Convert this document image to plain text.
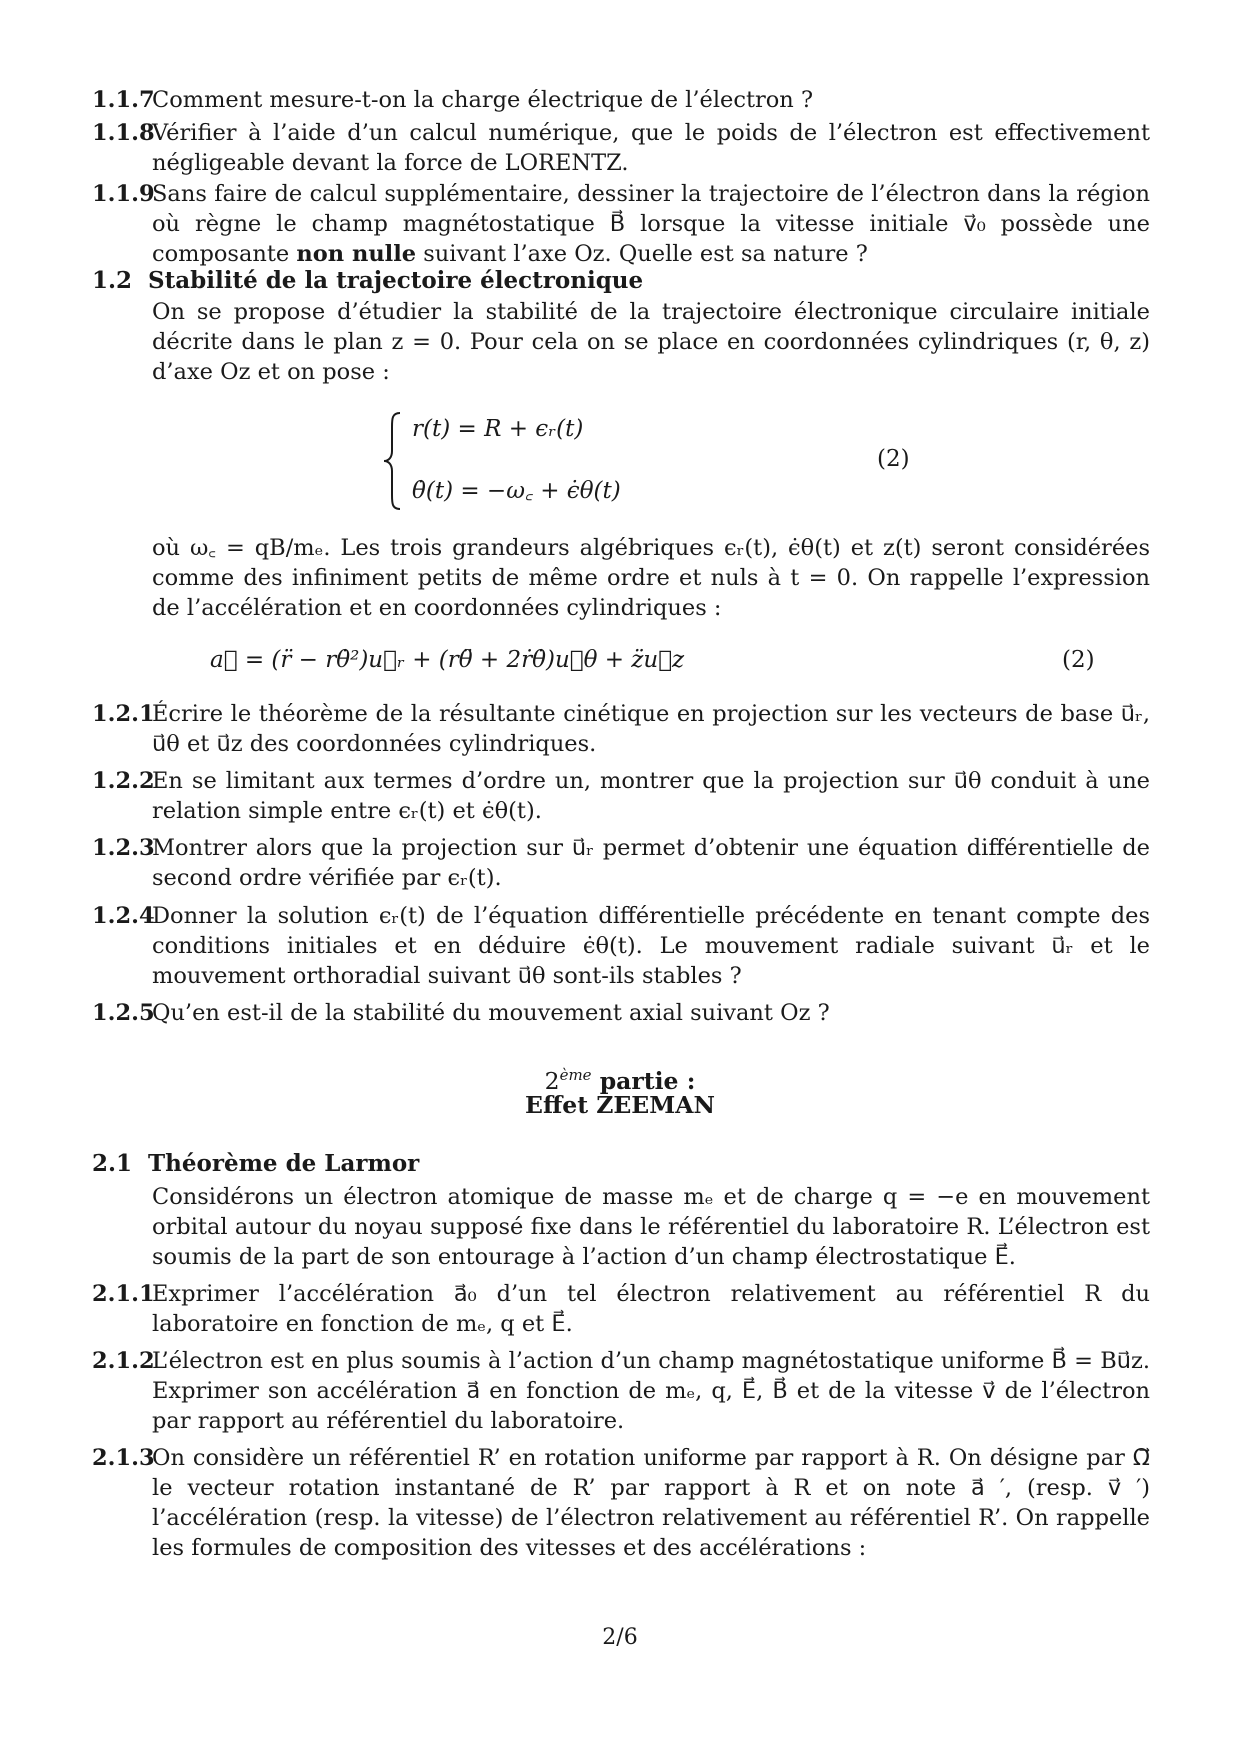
1.1.7
Comment mesure-t-on la charge électrique de l’électron ?
1.1.8
Vérifier à l’aide d’un calcul numérique, que le poids de l’électron est effectivement négligeable devant la force de LORENTZ.
1.1.9
Sans faire de calcul supplémentaire, dessiner la trajectoire de l’électron dans la région où règne le champ magnétostatique B⃗ lorsque la vitesse initiale v⃗₀ possède une composante non nulle suivant l’axe Oz. Quelle est sa nature ?
1.2 Stabilité de la trajectoire électronique
On se propose d’étudier la stabilité de la trajectoire électronique circulaire initiale décrite dans le plan z = 0. Pour cela on se place en coordonnées cylindriques (r, θ, z) d’axe Oz et on pose :
r(t) = R + ϵᵣ(t)
θ̇(t) = −ω꜀ + ϵ̇θ(t)
(2)
où ω꜀ = qB/mₑ. Les trois grandeurs algébriques ϵᵣ(t), ϵ̇θ(t) et z(t) seront considérées comme des infiniment petits de même ordre et nuls à t = 0. On rappelle l’expression de l’accélération et en coordonnées cylindriques :
a⃗ = (r̈ − rθ̇²)u⃗ᵣ + (rθ̈ + 2ṙθ̇)u⃗θ + z̈u⃗z	(2)
1.2.1
Écrire le théorème de la résultante cinétique en projection sur les vecteurs de base u⃗ᵣ, u⃗θ et u⃗z des coordonnées cylindriques.
1.2.2
En se limitant aux termes d’ordre un, montrer que la projection sur u⃗θ conduit à une relation simple entre ϵᵣ(t) et ϵ̇θ(t).
1.2.3
Montrer alors que la projection sur u⃗ᵣ permet d’obtenir une équation différentielle de second ordre vérifiée par ϵᵣ(t).
1.2.4
Donner la solution ϵᵣ(t) de l’équation différentielle précédente en tenant compte des conditions initiales et en déduire ϵ̇θ(t). Le mouvement radiale suivant u⃗ᵣ et le mouvement orthoradial suivant u⃗θ sont-ils stables ?
1.2.5
Qu’en est-il de la stabilité du mouvement axial suivant Oz ?
2ème partie :
Effet ZEEMAN
2.1 Théorème de Larmor
Considérons un électron atomique de masse mₑ et de charge q = −e en mouvement orbital autour du noyau supposé fixe dans le référentiel du laboratoire R. L’électron est soumis de la part de son entourage à l’action d’un champ électrostatique E⃗.
2.1.1
Exprimer l’accélération a⃗₀ d’un tel électron relativement au référentiel R du laboratoire en fonction de mₑ, q et E⃗.
2.1.2
L’électron est en plus soumis à l’action d’un champ magnétostatique uniforme B⃗ = Bu⃗z. Exprimer son accélération a⃗ en fonction de mₑ, q, E⃗, B⃗ et de la vitesse v⃗ de l’électron par rapport au référentiel du laboratoire.
2.1.3
On considère un référentiel R’ en rotation uniforme par rapport à R. On désigne par Ω⃗ le vecteur rotation instantané de R’ par rapport à R et on note a⃗ ′, (resp. v⃗ ′) l’accélération (resp. la vitesse) de l’électron relativement au référentiel R’. On rappelle les formules de composition des vitesses et des accélérations :
2/6
